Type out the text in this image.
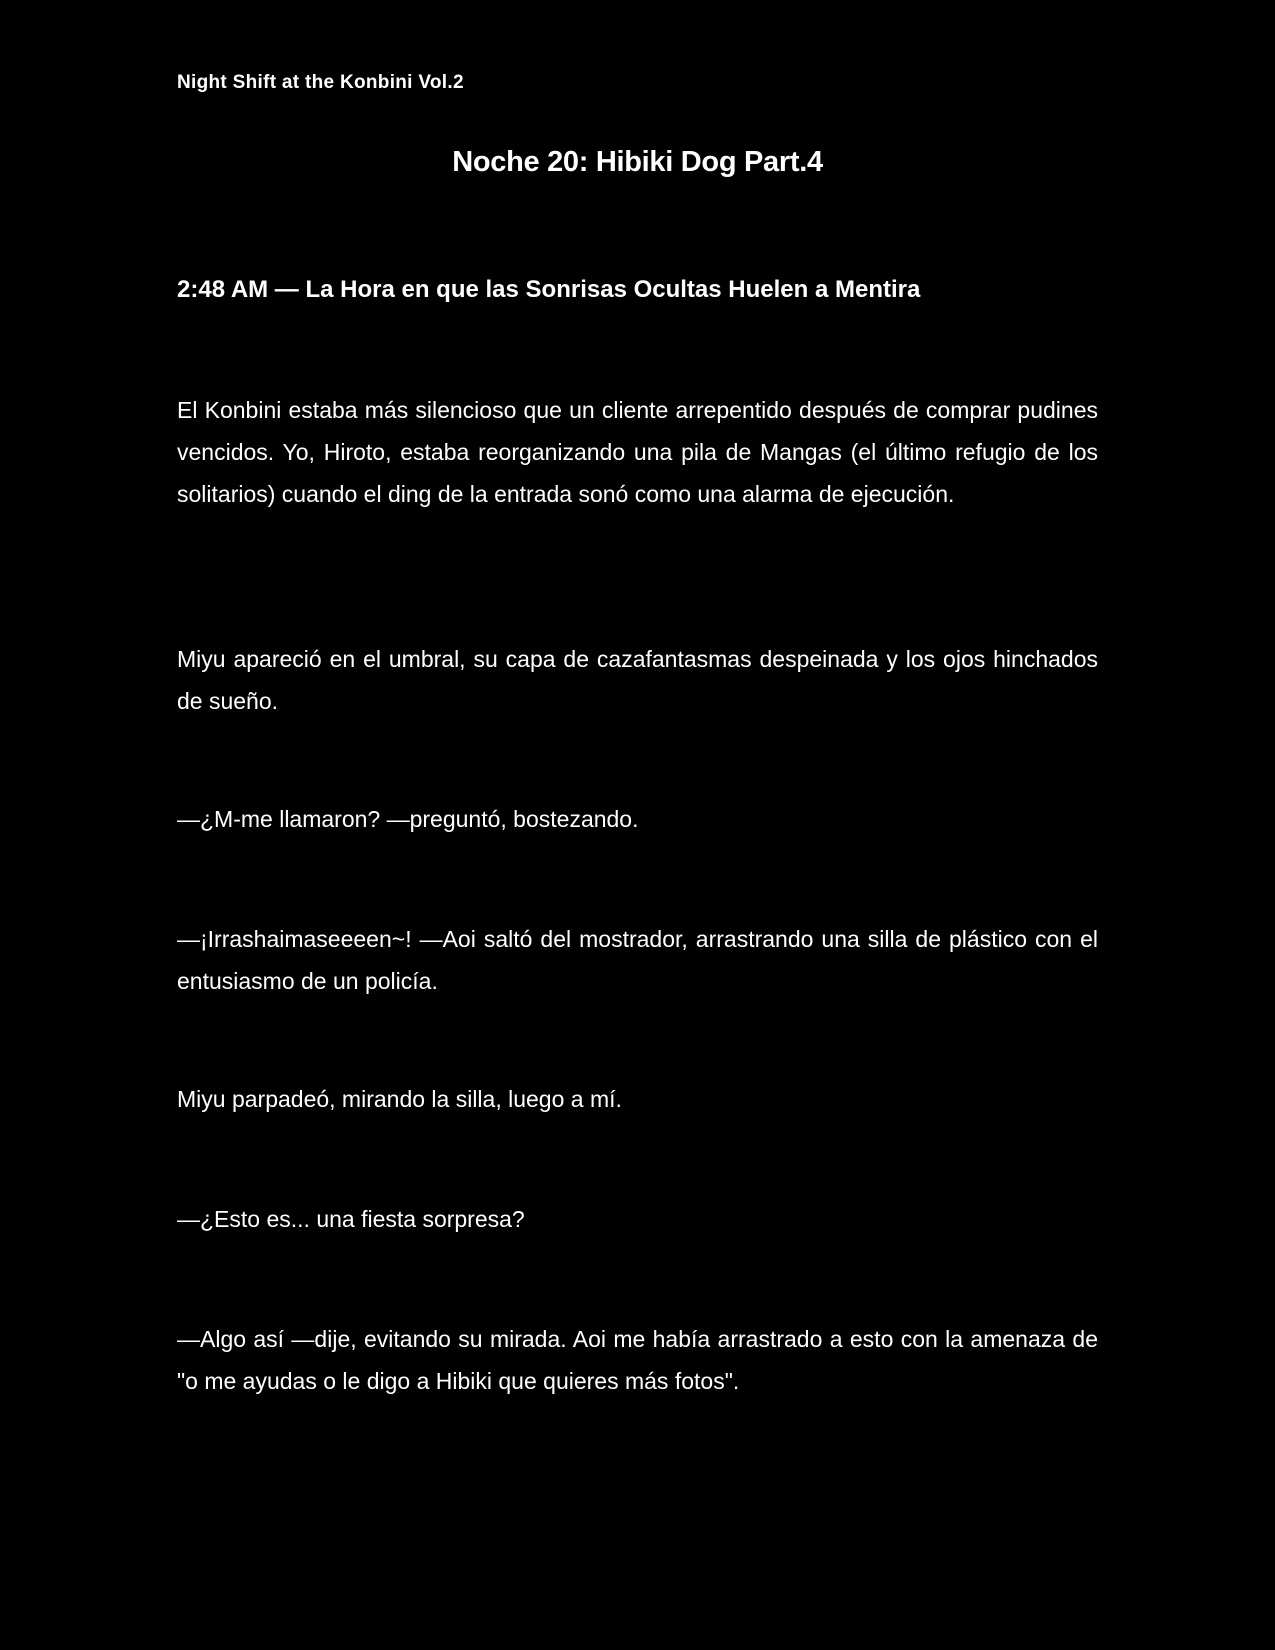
Night Shift at the Konbini Vol.2
Noche 20: Hibiki Dog Part.4
2:48 AM — La Hora en que las Sonrisas Ocultas Huelen a Mentira

El Konbini estaba más silencioso que un cliente arrepentido después de comprar pudines vencidos. Yo, Hiroto, estaba reorganizando una pila de Mangas (el último refugio de los solitarios) cuando el ding de la entrada sonó como una alarma de ejecución.

Miyu apareció en el umbral, su capa de cazafantasmas despeinada y los ojos hinchados de sueño.

—¿M-me llamaron? —preguntó, bostezando.

—¡Irrashaimaseeeen~! —Aoi saltó del mostrador, arrastrando una silla de plástico con el entusiasmo de un policía.

Miyu parpadeó, mirando la silla, luego a mí.

—¿Esto es... una fiesta sorpresa?

—Algo así —dije, evitando su mirada. Aoi me había arrastrado a esto con la amenaza de "o me ayudas o le digo a Hibiki que quieres más fotos".
